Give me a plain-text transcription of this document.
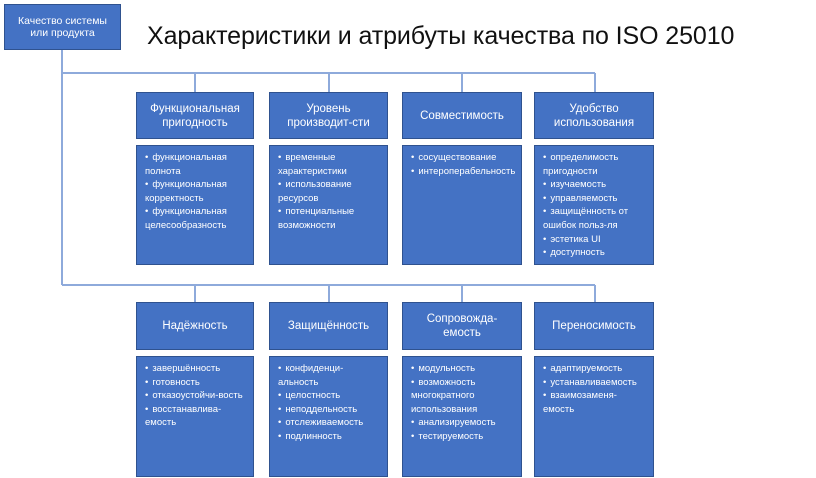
Характеристики и атрибуты качества по ISO 25010
Качество системы или продукта
Функциональная пригодность
Уровень производит-сти
Совместимость
Удобство использования
• функциональная полнота
• функциональная корректность
• функциональная целесообразность
• временные характеристики
• использование ресурсов
• потенциальные возможности
• сосуществование
• интероперабельность
• определимость пригодности
• изучаемость
• управляемость
• защищённость от ошибок польз-ля
• эстетика UI
• доступность
Надёжность	Защищённость
Сопровожда-емость
Переносимость
• завершённость
• готовность
• отказоустойчи-вость
• восстанавлива-емость
• конфиденци-альность
• целостность
• неподдельность
• отслеживаемость
• подлинность
• модульность
• возможность многократного использования
• анализируемость
• тестируемость
• адаптируемость
• устанавливаемость
• взаимозаменя-емость
